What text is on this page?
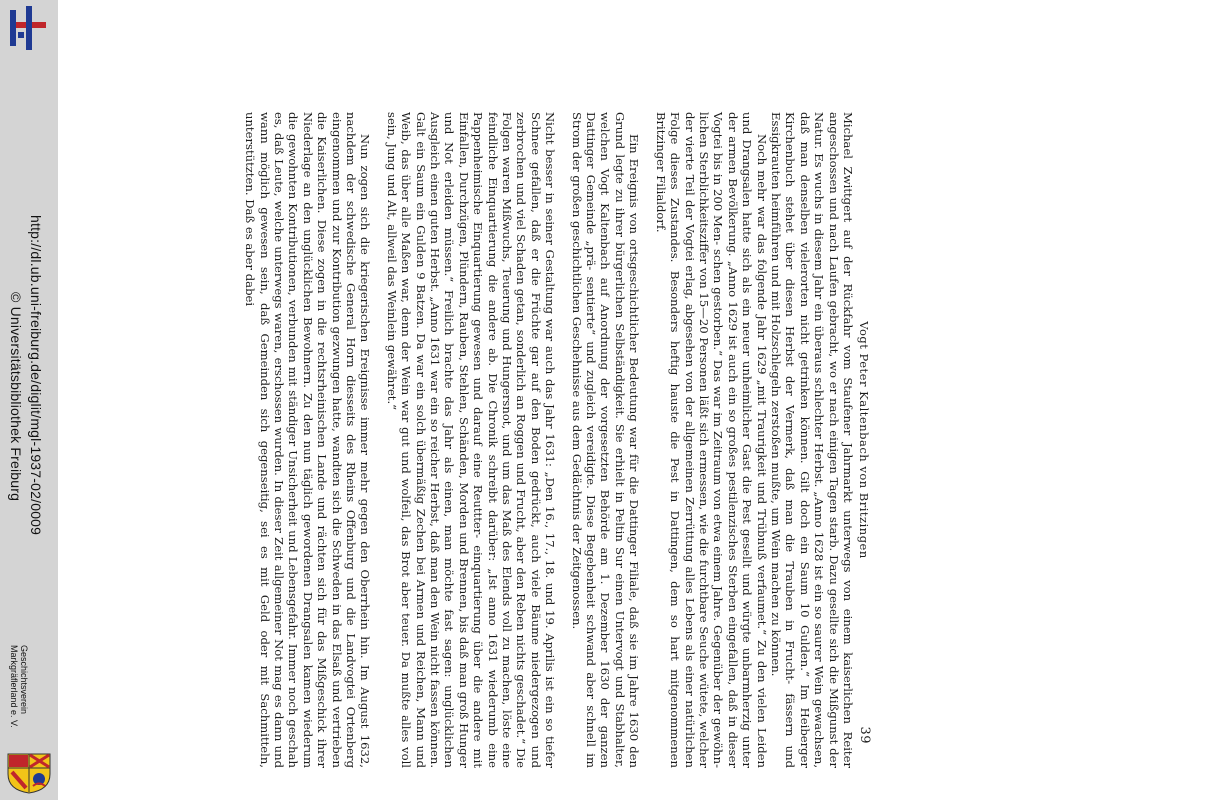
http://dl.ub.uni-freiburg.de/diglit/mgl-1937-02/0009
© Universitätsbibliothek Freiburg
Geschichtsverein
Markgräflerland e. V.
Vogt Peter Kaltenbach von Britzingen
39

Michael Zwittgert auf der Rückfahr vom Staufener Jahrmarkt unterwegs von einem kaiserlichen Reiter angeschossen und nach Laufen gebracht, wo er nach einigen Tagen starb. Dazu gesellte sich die Mißgunst der Natur. Es wuchs in diesem Jahr ein überaus schlechter Herbst. „Anno 1628 ist ein so saurer Wein gewachsen, daß man denselben vielerorten nicht getrinken können. Gilt doch ein Saum 10 Gulden.“ Im Heiberger Kirchenbuch stehet über diesen Herbst der Vermerk, daß man die Trauben in Frucht- fässern und Essigkrauten heimführen und mit Holzschlegeln zerstoßen mußte, um Wein machen zu können.

Noch mehr war das folgende Jahr 1629 „mit Traurigkeit und Trübnuß verfaumet.“ Zu den vielen Leiden und Drangsalen hatte sich als ein neuer unheimlicher Gast die Pest gesellt und würgte unbarmherzig unter der armen Bevölkerung. „Anno 1629 ist auch ein so großes pestilenzisches Sterben eingefallen, daß in dieser Vogtei bis in 200 Men- schen gestorben.“ Das war im Zeitraum von etwa einem Jahre. Gegenüber der gewöhn- lichen Sterblichkeitsziffer von 15—20 Personen läßt sich ermessen, wie die furchtbare Seuche wütete, welcher der vierte Teil der Vogtei erlag, abgesehen von der allgemeinen Zerrüttung alles Lebens als einer natürlichen Folge dieses Zustandes. Besonders heftig hauste die Pest in Dattingen, dem so hart mitgenommenen Britzinger Filialdorf.

Ein Ereignis von ortsgeschichtlicher Bedeutung war für die Dattinger Filiale, daß sie im Jahre 1630 den Grund legte zu ihrer bürgerlichen Selbständigkeit. Sie erhielt in Peltin Sur einen Untervogt und Stabhalter, welchen Vogt Kaltenbach auf Anordnung der vorgesetzten Behörde am 1. Dezember 1630 der ganzen Dattinger Gemeinde „prä- sentierte“ und zugleich vereidigte. Diese Begebenheit schwand aber schnell im Strom der großen geschichtlichen Geschehnisse aus dem Gedächtnis der Zeitgenossen.

Nicht besser in seiner Gestaltung war auch das Jahr 1631: „Den 16., 17., 18. und 19. Aprilis ist ein so tiefer Schnee gefallen, daß er die Früchte gar auf den Boden gedrückt, auch viele Bäume niedergezogen und zerbrochen und viel Schaden getan, sonderlich an Roggen und Frucht, aber den Reben nichts geschadet.“ Die Folgen waren Mißwuchs, Teuerung und Hungersnot, und um das Maß des Elends voll zu machen, löste eine feindliche Einquartierung die andere ab. Die Chronik schreibt darüber: „Ist anno 1631 wiederumb eine Pappenheimische Einquartierung gewesen und darauf eine Reuttter- einquartierung über die andere mit Einfallen, Durchzügen, Plündern, Rauben, Stehlen, Schänden, Morden und Brennen, bis daß man groß Hunger und Not erleiden müssen.“ Freilich brachte das Jahr als einen, man möchte fast sagen: unglücklichen Ausgleich einen guten Herbst. „Anno 1631 war ein so reicher Herbst, daß man den Wein nicht fassen können. Galt ein Saum ein Gulden 9 Batzen. Da war ein solch übermäßig Zechen bei Armen und Reichen, Mann und Weib, das über alle Maßen war, denn der Wein war gut und wolfeil, das Brot aber teuer. Da mußte alles voll sein, Jung und Alt, allweil das Weinlein gewähret.“

Nun zogen sich die kriegerischen Ereignisse immer mehr gegen den Oberrhein hin. Im August 1632, nachdem der schwedische General Horn diesseits des Rheins Offenburg und die Landvogtei Ortenberg eingenommen und zur Kontribution gezwungen hatte, wandten sich die Schweden in das Elsaß und vertrieben die Kaiserlichen. Diese zogen in die rechtsrheinischen Lande und rächten sich für das Mißgeschick ihrer Niederlage an den unglücklichen Bewohnern. Zu den nun täglich gewordenen Drangsalen kamen wiederum die gewohnten Kontributionen, verbunden mit ständiger Unsicherheit und Lebensgefahr. Immer noch geschah es, daß Leute, welche unterwegs waren, erschossen wurden. In dieser Zeit allgemeiner Not mag es dann und wann möglich gewesen sein, daß Gemeinden sich gegenseitig, sei es mit Geld oder mit Sachmitteln, unterstützten. Daß es aber dabei
